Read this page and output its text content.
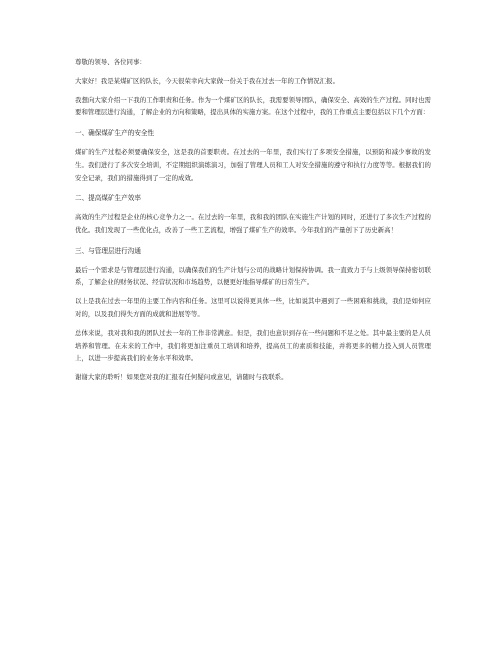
尊敬的领导、各位同事：

大家好！我是某煤矿区的队长，今天很荣幸向大家做一份关于我在过去一年的工作情况汇报。

我想向大家介绍一下我的工作职责和任务。作为一个煤矿区的队长，我需要领导团队，确保安全、高效的生产过程。同时也需要和管理层进行沟通，了解企业的方向和策略，提出具体的实施方案。在这个过程中，我的工作重点主要包括以下几个方面：

一、确保煤矿生产的安全性

煤矿的生产过程必须要确保安全，这是我的首要职责。在过去的一年里，我们实行了多项安全措施，以预防和减少事故的发生。我们进行了多次安全培训，不定期组织演练演习，加强了管理人员和工人对安全措施的遵守和执行力度等等。根据我们的安全记录，我们的措施得到了一定的成效。

二、提高煤矿生产效率

高效的生产过程是企业的核心竞争力之一。在过去的一年里，我和我的团队在实施生产计划的同时，还进行了多次生产过程的优化。我们发现了一些优化点，改善了一些工艺流程，增强了煤矿生产的效率。今年我们的产量创下了历史新高！

三、与管理层进行沟通

最后一个需求是与管理层进行沟通，以确保我们的生产计划与公司的战略计划保持协调。我一直致力于与上级领导保持密切联系，了解企业的财务状况、经营状况和市场趋势，以便更好地指导煤矿的日常生产。

以上是我在过去一年里的主要工作内容和任务。这里可以说得更具体一些，比如说其中遇到了一些困难和挑战，我们是如何应对的，以及我们得失方面的成就和进展等等。

总体来说，我对我和我的团队过去一年的工作非常满意。但是，我们也意识到存在一些问题和不足之处。其中最主要的是人员培养和管理。在未来的工作中，我们将更加注重员工培训和培养，提高员工的素质和技能，并将更多的精力投入到人员管理上，以进一步提高我们的业务水平和效率。

谢谢大家的聆听！如果您对我的汇报有任何疑问或意见，请随时与我联系。
